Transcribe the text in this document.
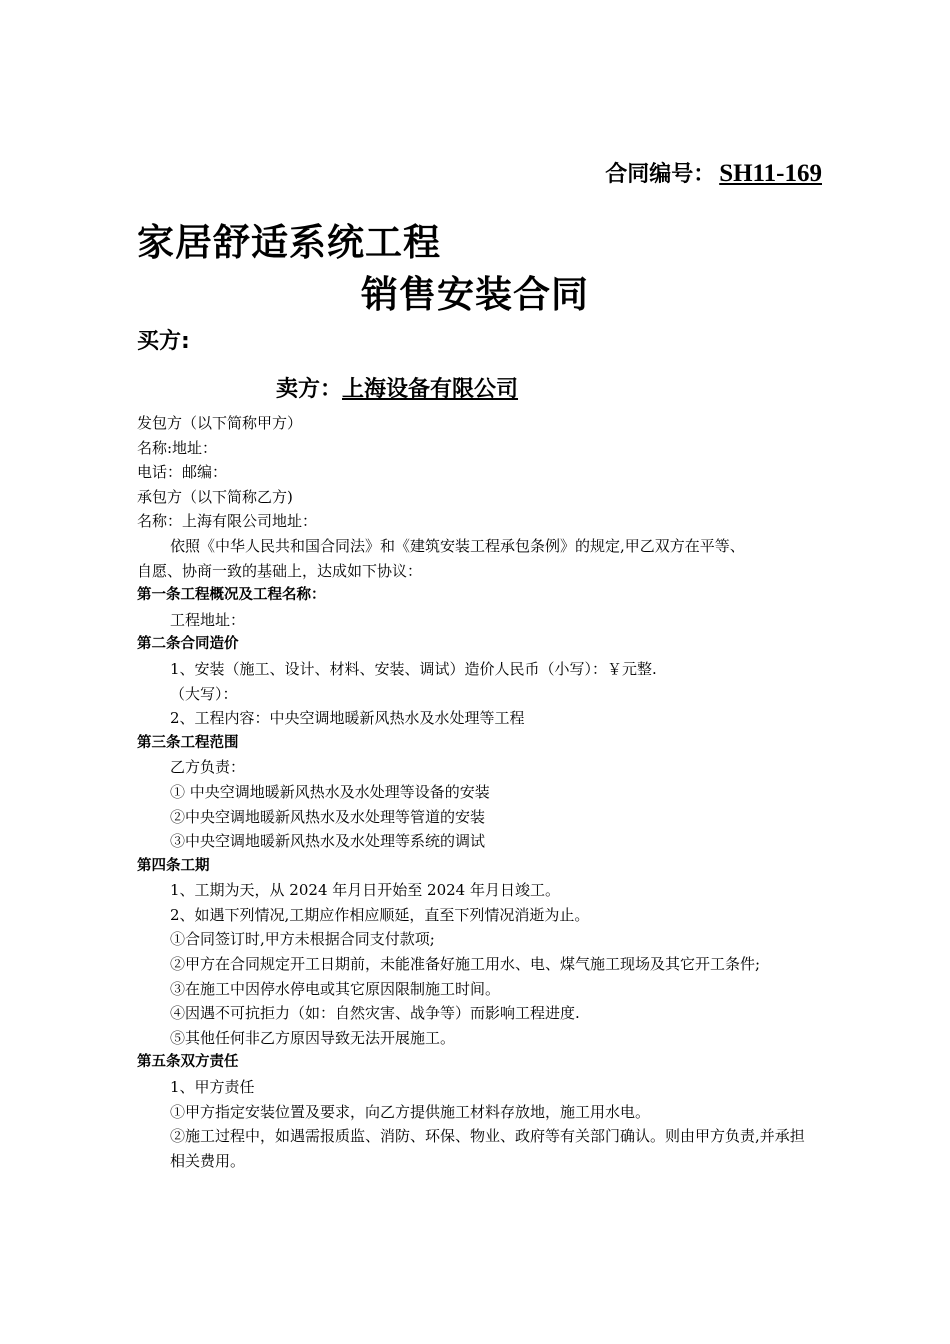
合同编号： SH11-169
家居舒适系统工程
销售安装合同
买方:
卖方：上海设备有限公司

发包方（以下简称甲方）

名称:地址：

电话：邮编：

承包方（以下简称乙方)

名称：上海有限公司地址：

依照《中华人民共和国合同法》和《建筑安装工程承包条例》的规定,甲乙双方在平等、

自愿、协商一致的基础上，达成如下协议：

第一条工程概况及工程名称：

工程地址：

第二条合同造价

1、安装（施工、设计、材料、安装、调试）造价人民币（小写）：￥元整.

（大写）：

2、工程内容：中央空调地暖新风热水及水处理等工程

第三条工程范围

乙方负责：

① 中央空调地暖新风热水及水处理等设备的安装

②中央空调地暖新风热水及水处理等管道的安装

③中央空调地暖新风热水及水处理等系统的调试

第四条工期

1、工期为天，从 2024 年月日开始至 2024 年月日竣工。

2、如遇下列情况,工期应作相应顺延，直至下列情况消逝为止。

①合同签订时,甲方未根据合同支付款项;

②甲方在合同规定开工日期前，未能准备好施工用水、电、煤气施工现场及其它开工条件;

③在施工中因停水停电或其它原因限制施工时间。

④因遇不可抗拒力（如：自然灾害、战争等）而影响工程进度.

⑤其他任何非乙方原因导致无法开展施工。

第五条双方责任

1、甲方责任

①甲方指定安装位置及要求，向乙方提供施工材料存放地，施工用水电。

②施工过程中，如遇需报质监、消防、环保、物业、政府等有关部门确认。则由甲方负责,并承担相关费用。
